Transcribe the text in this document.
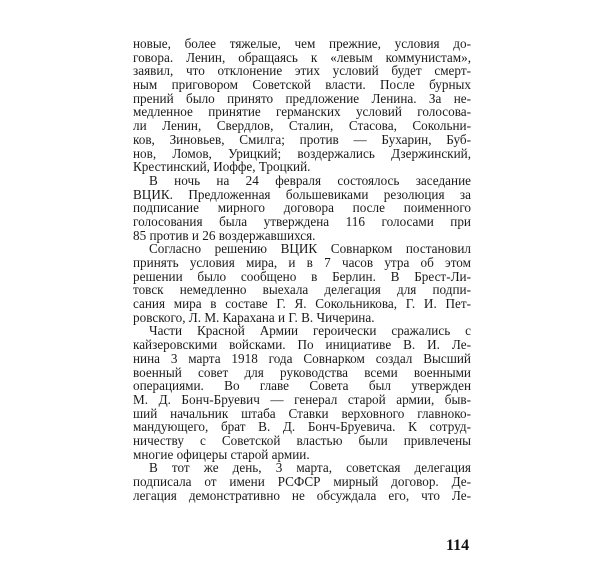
новые, более тяжелые, чем прежние, условия до-
говора. Ленин, обращаясь к «левым коммунистам»,
заявил, что отклонение этих условий будет смерт-
ным приговором Советской власти. После бурных
прений было принято предложение Ленина. За не-
медленное принятие германских условий голосова-
ли Ленин, Свердлов, Сталин, Стасова, Сокольни-
ков, Зиновьев, Смилга; против — Бухарин, Буб-
нов, Ломов, Урицкий; воздержались Дзержинский,
Крестинский, Иоффе, Троцкий.
В ночь на 24 февраля состоялось заседание
ВЦИК. Предложенная большевиками резолюция за
подписание мирного договора после поименного
голосования была утверждена 116 голосами при
85 против и 26 воздержавшихся.
Согласно решению ВЦИК Совнарком постановил
принять условия мира, и в 7 часов утра об этом
решении было сообщено в Берлин. В Брест-Ли-
товск немедленно выехала делегация для подпи-
сания мира в составе Г. Я. Сокольникова, Г. И. Пет-
ровского, Л. М. Карахана и Г. В. Чичерина.
Части Красной Армии героически сражались с
кайзеровскими войсками. По инициативе В. И. Ле-
нина 3 марта 1918 года Совнарком создал Высший
военный совет для руководства всеми военными
операциями. Во главе Совета был утвержден
М. Д. Бонч-Бруевич — генерал старой армии, быв-
ший начальник штаба Ставки верховного главноко-
мандующего, брат В. Д. Бонч-Бруевича. К сотруд-
ничеству с Советской властью были привлечены
многие офицеры старой армии.
В тот же день, 3 марта, советская делегация
подписала от имени РСФСР мирный договор. Де-
легация демонстративно не обсуждала его, что Ле-
114
